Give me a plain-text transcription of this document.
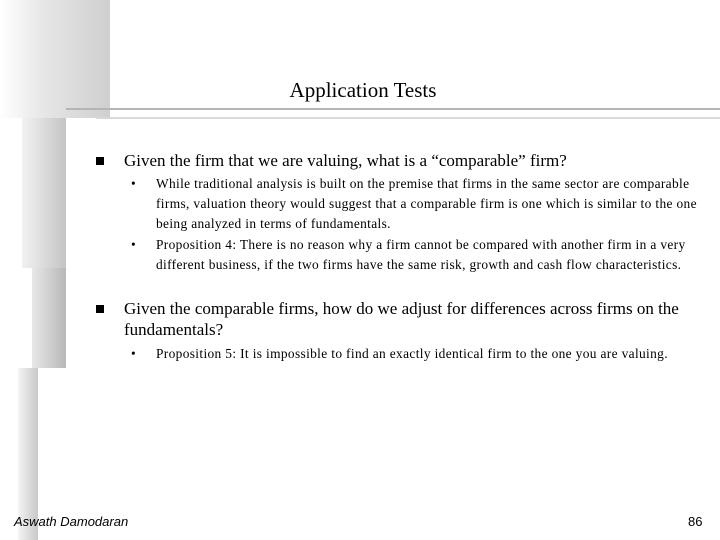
Application Tests
Given the firm that we are valuing, what is a “comparable” firm?
• While traditional analysis is built on the premise that firms in the same sector are comparable firms, valuation theory would suggest that a comparable firm is one which is similar to the one being analyzed in terms of fundamentals.
• Proposition 4: There is no reason why a firm cannot be compared with another firm in a very different business, if the two firms have the same risk, growth and cash flow characteristics.
Given the comparable firms, how do we adjust for differences across firms on the fundamentals?
• Proposition 5: It is impossible to find an exactly identical firm to the one you are valuing.
Aswath Damodaran	86
